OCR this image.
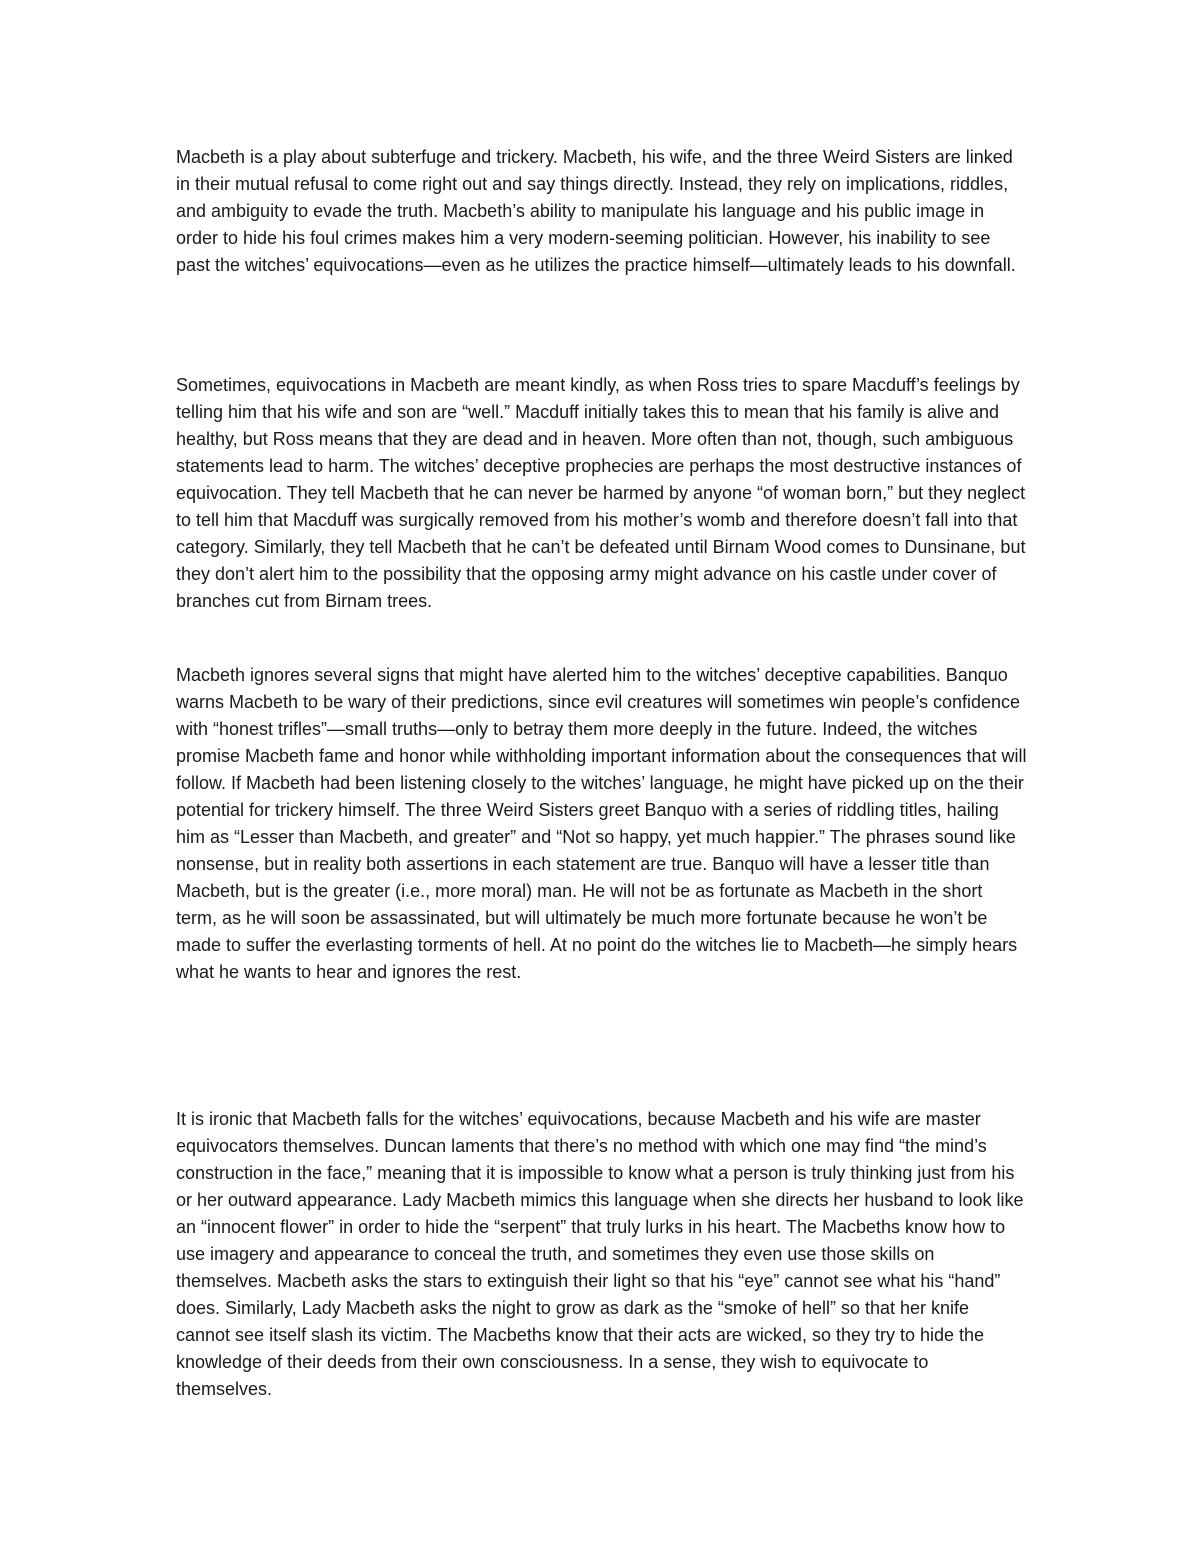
Macbeth is a play about subterfuge and trickery. Macbeth, his wife, and the three Weird Sisters are linked in their mutual refusal to come right out and say things directly. Instead, they rely on implications, riddles, and ambiguity to evade the truth. Macbeth’s ability to manipulate his language and his public image in order to hide his foul crimes makes him a very modern-seeming politician. However, his inability to see past the witches’ equivocations—even as he utilizes the practice himself—ultimately leads to his downfall.

Sometimes, equivocations in Macbeth are meant kindly, as when Ross tries to spare Macduff’s feelings by telling him that his wife and son are “well.” Macduff initially takes this to mean that his family is alive and healthy, but Ross means that they are dead and in heaven. More often than not, though, such ambiguous statements lead to harm. The witches’ deceptive prophecies are perhaps the most destructive instances of equivocation. They tell Macbeth that he can never be harmed by anyone “of woman born,” but they neglect to tell him that Macduff was surgically removed from his mother’s womb and therefore doesn’t fall into that category. Similarly, they tell Macbeth that he can’t be defeated until Birnam Wood comes to Dunsinane, but they don’t alert him to the possibility that the opposing army might advance on his castle under cover of branches cut from Birnam trees.

Macbeth ignores several signs that might have alerted him to the witches’ deceptive capabilities. Banquo warns Macbeth to be wary of their predictions, since evil creatures will sometimes win people’s confidence with “honest trifles”—small truths—only to betray them more deeply in the future. Indeed, the witches promise Macbeth fame and honor while withholding important information about the consequences that will follow. If Macbeth had been listening closely to the witches’ language, he might have picked up on the their potential for trickery himself. The three Weird Sisters greet Banquo with a series of riddling titles, hailing him as “Lesser than Macbeth, and greater” and “Not so happy, yet much happier.” The phrases sound like nonsense, but in reality both assertions in each statement are true. Banquo will have a lesser title than Macbeth, but is the greater (i.e., more moral) man. He will not be as fortunate as Macbeth in the short term, as he will soon be assassinated, but will ultimately be much more fortunate because he won’t be made to suffer the everlasting torments of hell. At no point do the witches lie to Macbeth—he simply hears what he wants to hear and ignores the rest.

It is ironic that Macbeth falls for the witches’ equivocations, because Macbeth and his wife are master equivocators themselves. Duncan laments that there’s no method with which one may find “the mind’s construction in the face,” meaning that it is impossible to know what a person is truly thinking just from his or her outward appearance. Lady Macbeth mimics this language when she directs her husband to look like an “innocent flower” in order to hide the “serpent” that truly lurks in his heart. The Macbeths know how to use imagery and appearance to conceal the truth, and sometimes they even use those skills on themselves. Macbeth asks the stars to extinguish their light so that his “eye” cannot see what his “hand” does. Similarly, Lady Macbeth asks the night to grow as dark as the “smoke of hell” so that her knife cannot see itself slash its victim. The Macbeths know that their acts are wicked, so they try to hide the knowledge of their deeds from their own consciousness. In a sense, they wish to equivocate to themselves.
